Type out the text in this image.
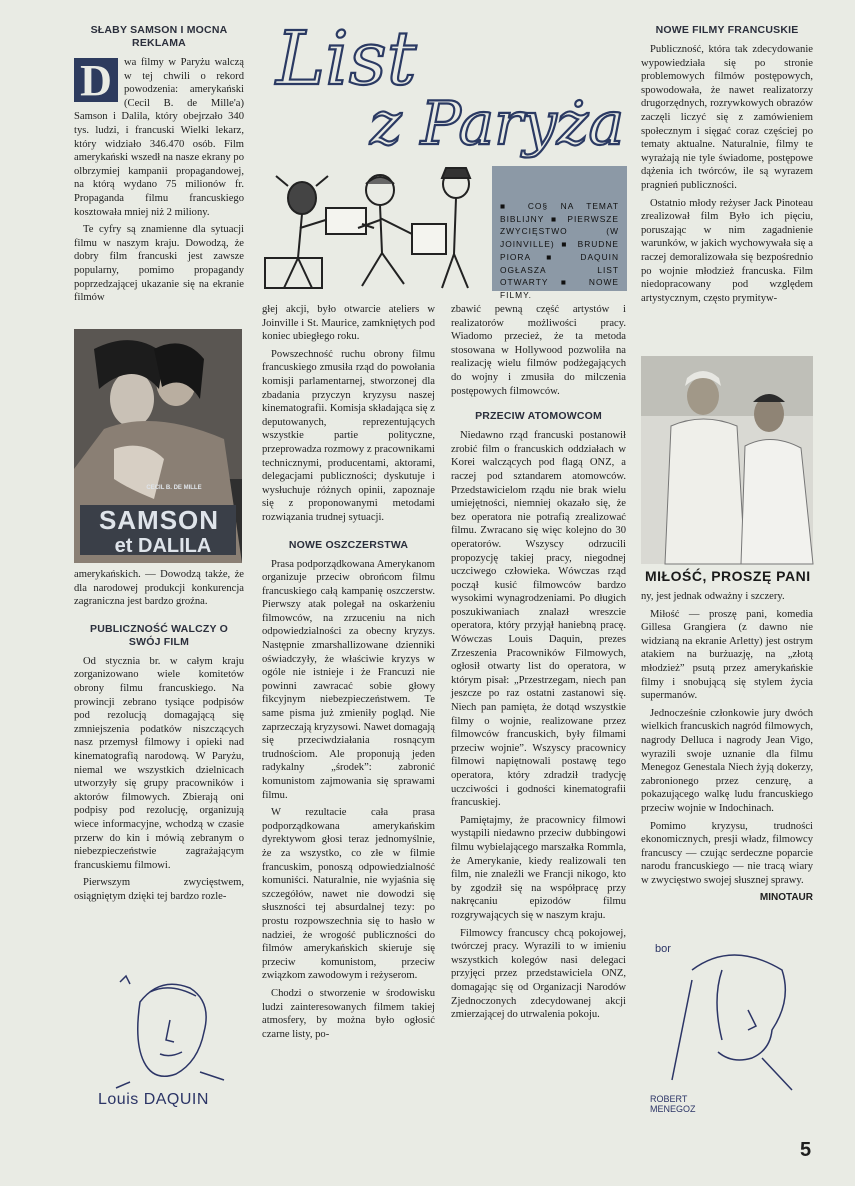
SŁABY SAMSON I MOCNA REKLAMA

D	wa filmy w Paryżu walczą w tej chwili o rekord powodzenia: amerykański (Cecil B. de Mille'a) Samson i Dalila, który obejrzało 340 tys. ludzi, i francuski Wielki lekarz, który widziało 346.470 osób. Film amerykański wszedł na nasze ekrany po olbrzymiej kampanii propagandowej, na którą wydano 75 milionów fr. Propaganda filmu francuskiego kosztowała mniej niż 2 miliony.

Te cyfry są znamienne dla sytuacji filmu w naszym kraju. Dowodzą, że dobry film francuski jest zawsze popularny, pomimo propagandy poprzedzającej ukazanie się na ekranie filmów

CECIL B. DE MILLE
SAMSON
et DALILA

amerykańskich. — Dowodzą także, że dla narodowej produkcji konkurencja zagraniczna jest bardzo groźna.

PUBLICZNOŚĆ WALCZY O SWÓJ FILM

Od stycznia br. w całym kraju zorganizowano wiele komitetów obrony filmu francuskiego. Na prowincji zebrano tysiące podpisów pod rezolucją domagającą się zmniejszenia podatków niszczących nasz przemysł filmowy i opieki nad kinematografią narodową. W Paryżu, niemal we wszystkich dzielnicach utworzyły się grupy pracowników i aktorów filmowych. Zbierają oni podpisy pod rezolucję, organizują wiece informacyjne, wchodzą w czasie przerw do kin i mówią zebranym o niebezpieczeństwie zagrażającym francuskiemu filmowi.

Pierwszym zwycięstwem, osiągniętym dzięki tej bardzo rozle-

List
z Paryża
■ CO§ NA TEMAT BIBLIJNY ■ PIERWSZE ZWYCIĘSTWO (W JOINVILLE) ■ BRUDNE PIORA ■ DAQUIN OGŁASZA LIST OTWARTY ■ NOWE FILMY.

głej akcji, było otwarcie ateliers w Joinville i St. Maurice, zamkniętych pod koniec ubiegłego roku.

Powszechność ruchu obrony filmu francuskiego zmusiła rząd do powołania komisji parlamentarnej, stworzonej dla zbadania przyczyn kryzysu naszej kinematografii. Komisja składająca się z deputowanych, reprezentujących wszystkie partie polityczne, przeprowadza rozmowy z pracownikami technicznymi, producentami, aktorami, delegacjami publiczności; dyskutuje i wysłuchuje różnych opinii, zapoznaje się z proponowanymi metodami rozwiązania trudnej sytuacji.

NOWE OSZCZERSTWA

Prasa podporządkowana Amerykanom organizuje przeciw obrońcom filmu francuskiego całą kampanię oszczerstw. Pierwszy atak polegał na oskarżeniu filmowców, na zrzuceniu na nich odpowiedzialności za obecny kryzys. Następnie zmarshallizowane dzienniki oświadczyły, że właściwie kryzys w ogóle nie istnieje i że Francuzi nie powinni zawracać sobie głowy fikcyjnym niebezpieczeństwem. Te same pisma już zmieniły pogląd. Nie zaprzeczają kryzysowi. Nawet domagają się przeciwdziałania rosnącym trudnościom. Ale proponują jeden radykalny „środek”: zabronić komunistom zajmowania się sprawami filmu.

W rezultacie cała prasa podporządkowana amerykańskim dyrektywom głosi teraz jednomyślnie, że za wszystko, co złe w filmie francuskim, ponoszą odpowiedzialność komuniści. Naturalnie, nie wyjaśnia się szczegółów, nawet nie dowodzi się słuszności tej absurdalnej tezy: po prostu rozpowszechnia się to hasło w nadziei, że wrogość publiczności do filmów amerykańskich skieruje się przeciw komunistom, przeciw związkom zawodowym i reżyserom.

Chodzi o stworzenie w środowisku ludzi zainteresowanych filmem takiej atmosfery, by można było ogłosić czarne listy, po-

zbawić pewną część artystów i realizatorów możliwości pracy. Wiadomo przecież, że ta metoda stosowana w Hollywood pozwoliła na realizację wielu filmów podżegających do wojny i zmusiła do milczenia postępowych filmowców.

PRZECIW ATOMOWCOM

Niedawno rząd francuski postanowił zrobić film o francuskich oddziałach w Korei walczących pod flagą ONZ, a raczej pod sztandarem atomowców. Przedstawicielom rządu nie brak wielu umiejętności, niemniej okazało się, że bez operatora nie potrafią zrealizować filmu. Zwracano się więc kolejno do 30 operatorów. Wszyscy odrzucili propozycję takiej pracy, niegodnej uczciwego człowieka. Wówczas rząd począł kusić filmowców bardzo wysokimi wynagrodzeniami. Po długich poszukiwaniach znalazł wreszcie operatora, który przyjął haniebną pracę. Wówczas Louis Daquin, prezes Zrzeszenia Pracowników Filmowych, ogłosił otwarty list do operatora, w którym pisał: „Przestrzegam, niech pan jeszcze po raz ostatni zastanowi się. Niech pan pamięta, że dotąd wszystkie filmy o wojnie, realizowane przez filmowców francuskich, były filmami przeciw wojnie”. Wszyscy pracownicy filmowi napiętnowali postawę tego operatora, który zdradził tradycję uczciwości i godności kinematografii francuskiej.

Pamiętajmy, że pracownicy filmowi wystąpili niedawno przeciw dubbingowi filmu wybielającego marszałka Rommla, że Amerykanie, kiedy realizowali ten film, nie znaleźli we Francji nikogo, kto by zgodził się na współpracę przy nakręcaniu epizodów filmu rozgrywających się w naszym kraju.

Filmowcy francuscy chcą pokojowej, twórczej pracy. Wyrazili to w imieniu wszystkich kolegów nasi delegaci przyjęci przez przedstawiciela ONZ, domagając się od Organizacji Narodów Zjednoczonych zdecydowanej akcji zmierzającej do utrwalenia pokoju.

NOWE FILMY FRANCUSKIE

Publiczność, która tak zdecydowanie wypowiedziała się po stronie problemowych filmów postępowych, spowodowała, że nawet realizatorzy drugorzędnych, rozrywkowych obrazów zaczęli liczyć się z zamówieniem społecznym i sięgać coraz częściej po tematy aktualne. Naturalnie, filmy te wyrażają nie tyle świadome, postępowe dążenia ich twórców, ile są wyrazem pragnień publiczności.

Ostatnio młody reżyser Jack Pinoteau zrealizował film Było ich pięciu, poruszając w nim zagadnienie warunków, w jakich wychowywała się a raczej demoralizowała się bezpośrednio po wojnie młodzież francuska. Film niedopracowany pod względem artystycznym, często prymityw-

MIŁOŚĆ, PROSZĘ PANI

ny, jest jednak odważny i szczery.

Miłość — proszę pani, komedia Gillesa Grangiera (z dawno nie widzianą na ekranie Arletty) jest ostrym atakiem na burżuazję, na „złotą młodzież” psutą przez amerykańskie filmy i snobującą się stylem życia supermanów.

Jednocześnie członkowie jury dwóch wielkich francuskich nagród filmowych, nagrody Delluca i nagrody Jean Vigo, wyrazili swoje uznanie dla filmu Menegoz Genestala Niech żyją dokerzy, zabronionego przez cenzurę, a pokazującego walkę ludu francuskiego przeciw wojnie w Indochinach.

Pomimo kryzysu, trudności ekonomicznych, presji władz, filmowcy francuscy — czując serdeczne poparcie narodu francuskiego — nie tracą wiary w zwycięstwo swojej słusznej sprawy.

MINOTAUR
Louis DAQUIN
bor
ROBERT
MENEGOZ
5
